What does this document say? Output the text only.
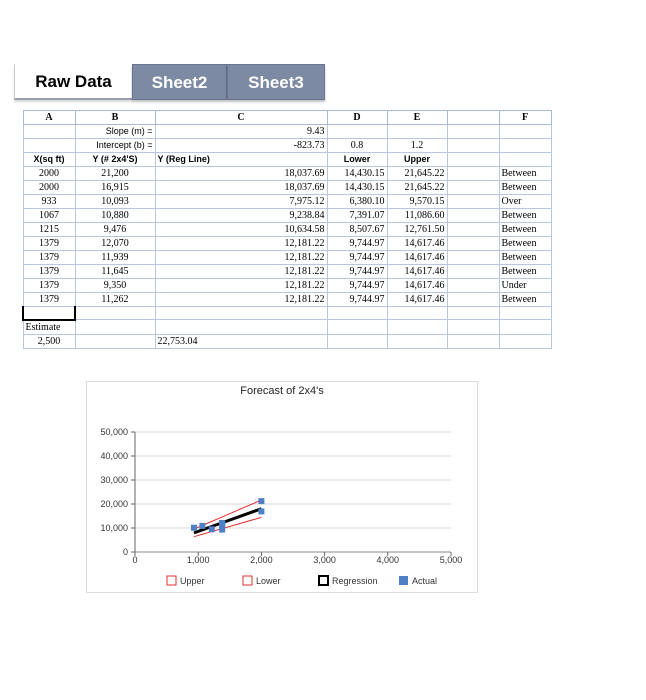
Raw Data	Sheet2	Sheet3
A	B	C	D	E		F
	Slope (m) =	9.43				
	Intercept (b) =	-823.73	0.8	1.2		
X(sq ft)	Y (# 2x4'S)	Y (Reg Line)	Lower	Upper		
2000	21,200	18,037.69	14,430.15	21,645.22		Between
2000	16,915	18,037.69	14,430.15	21,645.22		Between
933	10,093	7,975.12	6,380.10	9,570.15		Over
1067	10,880	9,238.84	7,391.07	11,086.60		Between
1215	9,476	10,634.58	8,507.67	12,761.50		Between
1379	12,070	12,181.22	9,744.97	14,617.46		Between
1379	11,939	12,181.22	9,744.97	14,617.46		Between
1379	11,645	12,181.22	9,744.97	14,617.46		Between
1379	9,350	12,181.22	9,744.97	14,617.46		Under
1379	11,262	12,181.22	9,744.97	14,617.46		Between

Estimate						
2,500		22,753.04				
Forecast of 2x4's
0
10,000
20,000
30,000
40,000
50,000
0	1,000	2,000	3,000	4,000	5,000
Upper	Lower	Regression	Actual
